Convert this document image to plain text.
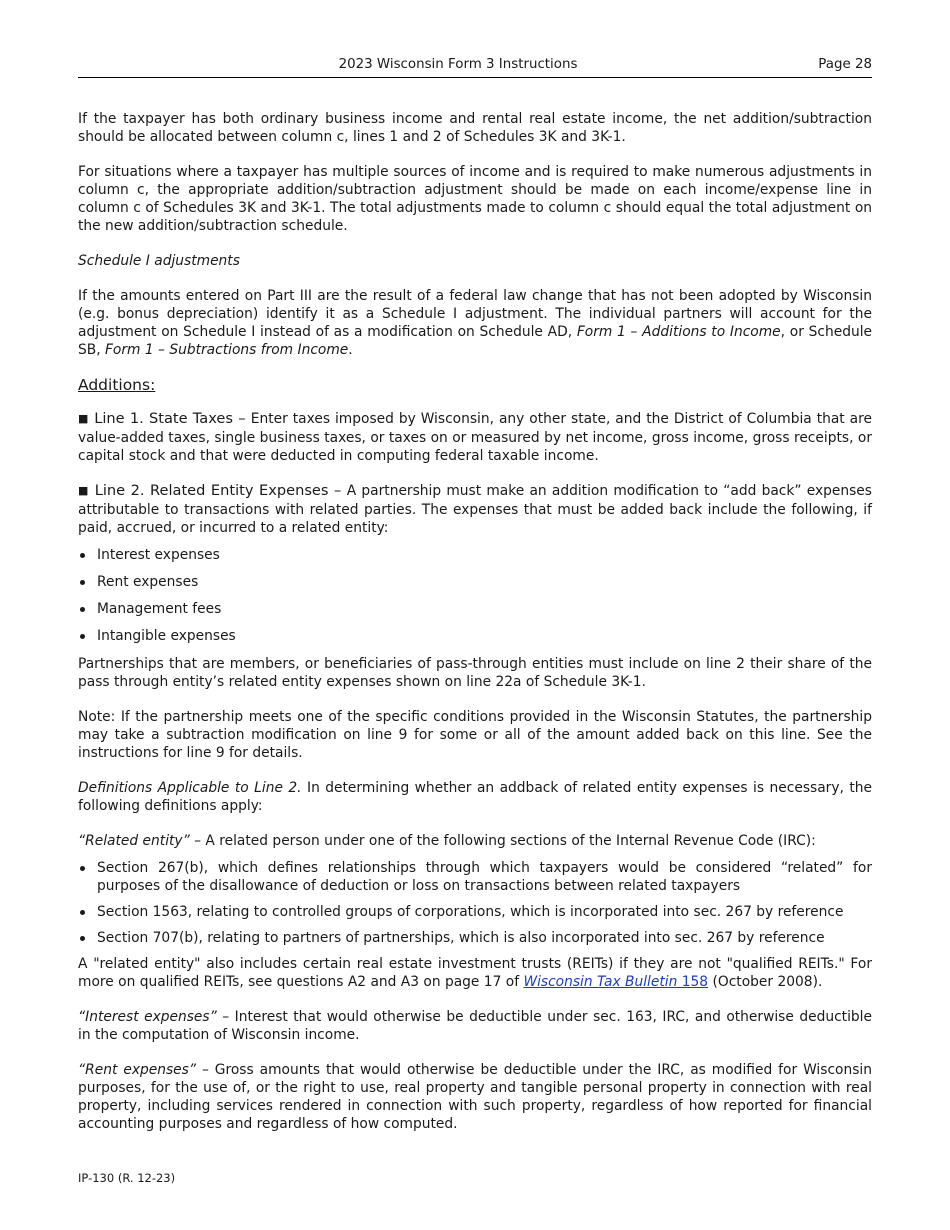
2023 Wisconsin Form 3 Instructions	Page 28

If the taxpayer has both ordinary business income and rental real estate income, the net addition/subtraction should be allocated between column c, lines 1 and 2 of Schedules 3K and 3K-1.

For situations where a taxpayer has multiple sources of income and is required to make numerous adjustments in column c, the appropriate addition/subtraction adjustment should be made on each income/expense line in column c of Schedules 3K and 3K-1. The total adjustments made to column c should equal the total adjustment on the new addition/subtraction schedule.

Schedule I adjustments

If the amounts entered on Part III are the result of a federal law change that has not been adopted by Wisconsin (e.g. bonus depreciation) identify it as a Schedule I adjustment. The individual partners will account for the adjustment on Schedule I instead of as a modification on Schedule AD, Form 1 – Additions to Income, or Schedule SB, Form 1 – Subtractions from Income.

Additions:

■ Line 1. State Taxes – Enter taxes imposed by Wisconsin, any other state, and the District of Columbia that are value-added taxes, single business taxes, or taxes on or measured by net income, gross income, gross receipts, or capital stock and that were deducted in computing federal taxable income.

■ Line 2. Related Entity Expenses – A partnership must make an addition modification to “add back” expenses attributable to transactions with related parties. The expenses that must be added back include the following, if paid, accrued, or incurred to a related entity:

Interest expenses
Rent expenses
Management fees
Intangible expenses

Partnerships that are members, or beneficiaries of pass-through entities must include on line 2 their share of the pass through entity’s related entity expenses shown on line 22a of Schedule 3K-1.

Note: If the partnership meets one of the specific conditions provided in the Wisconsin Statutes, the partnership may take a subtraction modification on line 9 for some or all of the amount added back on this line. See the instructions for line 9 for details.

Definitions Applicable to Line 2. In determining whether an addback of related entity expenses is necessary, the following definitions apply:

“Related entity” – A related person under one of the following sections of the Internal Revenue Code (IRC):

Section 267(b), which defines relationships through which taxpayers would be considered “related” for purposes of the disallowance of deduction or loss on transactions between related taxpayers
Section 1563, relating to controlled groups of corporations, which is incorporated into sec. 267 by reference
Section 707(b), relating to partners of partnerships, which is also incorporated into sec. 267 by reference

A "related entity" also includes certain real estate investment trusts (REITs) if they are not "qualified REITs." For more on qualified REITs, see questions A2 and A3 on page 17 of Wisconsin Tax Bulletin 158 (October 2008).

“Interest expenses” – Interest that would otherwise be deductible under sec. 163, IRC, and otherwise deductible in the computation of Wisconsin income.

“Rent expenses” – Gross amounts that would otherwise be deductible under the IRC, as modified for Wisconsin purposes, for the use of, or the right to use, real property and tangible personal property in connection with real property, including services rendered in connection with such property, regardless of how reported for financial accounting purposes and regardless of how computed.

IP-130 (R. 12-23)
